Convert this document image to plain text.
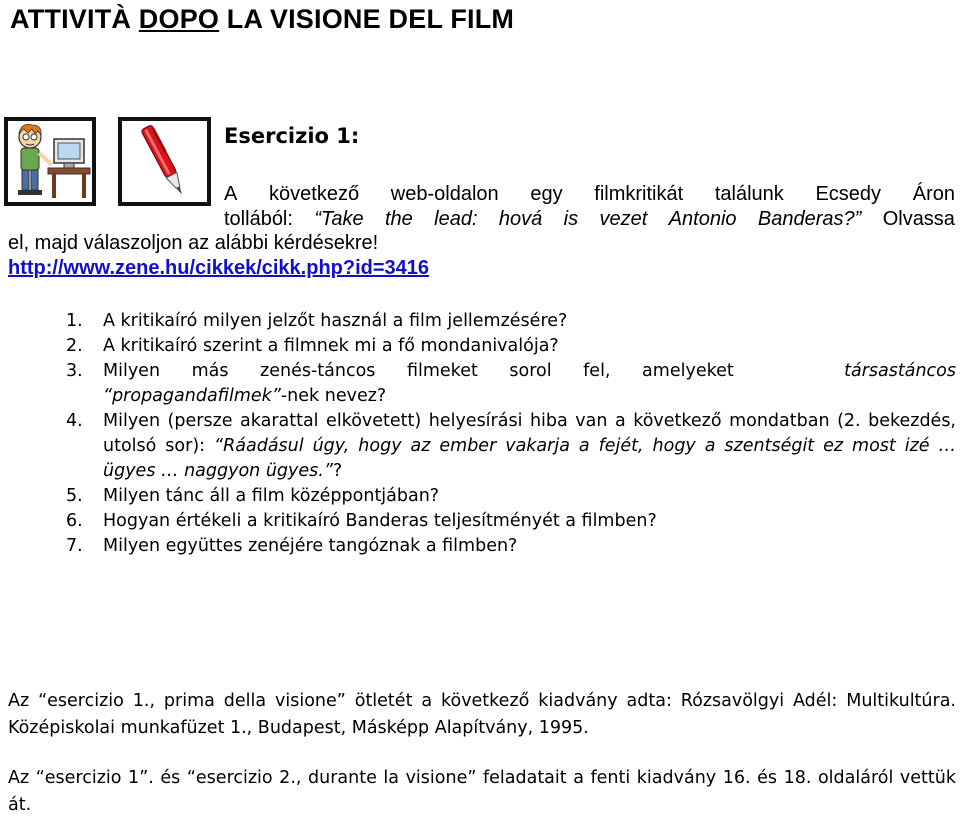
ATTIVITÀ DOPO LA VISIONE DEL FILM
Esercizio 1:
A következő web-oldalon egy filmkritikát találunk Ecsedy Áron
tollából: “Take the lead: hová is vezet Antonio Banderas?” Olvassa
el, majd válaszoljon az alábbi kérdésekre!
http://www.zene.hu/cikkek/cikk.php?id=3416
1. A kritikaíró milyen jelzőt használ a film jellemzésére?
2. A kritikaíró szerint a filmnek mi a fő mondanivalója?
3. Milyen más zenés-táncos filmeket sorol fel, amelyeket	társastáncos
“propagandafilmek”-nek nevez?
4. Milyen (persze akarattal elkövetett) helyesírási hiba van a következő mondatban (2. bekezdés, utolsó sor): “Ráadásul úgy, hogy az ember vakarja a fejét, hogy a szentségit ez most izé … ügyes … naggyon ügyes.”?
5. Milyen tánc áll a film középpontjában?
6. Hogyan értékeli a kritikaíró Banderas teljesítményét a filmben?
7. Milyen együttes zenéjére tangóznak a filmben?

Az “esercizio 1., prima della visione” ötletét a következő kiadvány adta: Rózsavölgyi Adél: Multikultúra. Középiskolai munkafüzet 1., Budapest, Másképp Alapítvány, 1995.

Az “esercizio 1”. és “esercizio 2., durante la visione” feladatait a fenti kiadvány 16. és 18. oldaláról vettük át.
